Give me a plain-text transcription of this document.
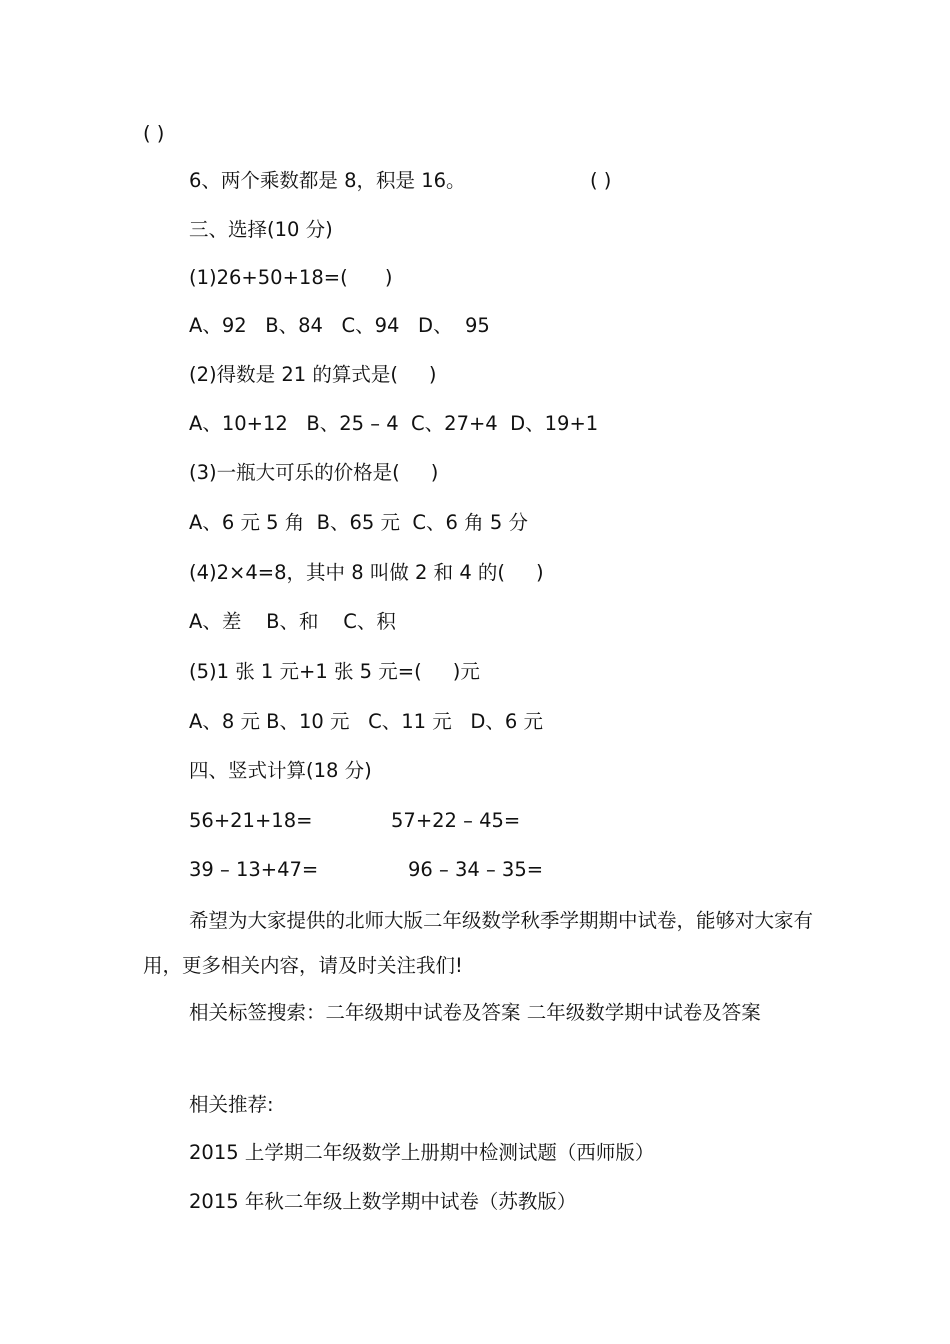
( )
6、两个乘数都是 8，积是 16。	( )
三、选择(10 分)
(1)26+50+18=(      )
A、92   B、84   C、94   D、  95
(2)得数是 21 的算式是(     )
A、10+12   B、25 – 4  C、27+4  D、19+1
(3)一瓶大可乐的价格是(     )
A、6 元 5 角  B、65 元  C、6 角 5 分
(4)2×4=8，其中 8 叫做 2 和 4 的(     )
A、差    B、和    C、积
(5)1 张 1 元+1 张 5 元=(     )元
A、8 元 B、10 元   C、11 元   D、6 元
四、竖式计算(18 分)
56+21+18=	57+22 – 45=
39 – 13+47=	96 – 34 – 35=
希望为大家提供的北师大版二年级数学秋季学期期中试卷，能够对大家有用，更多相关内容，请及时关注我们!
相关标签搜索：二年级期中试卷及答案 二年级数学期中试卷及答案
相关推荐:
2015 上学期二年级数学上册期中检测试题（西师版）
2015 年秋二年级上数学期中试卷（苏教版）
